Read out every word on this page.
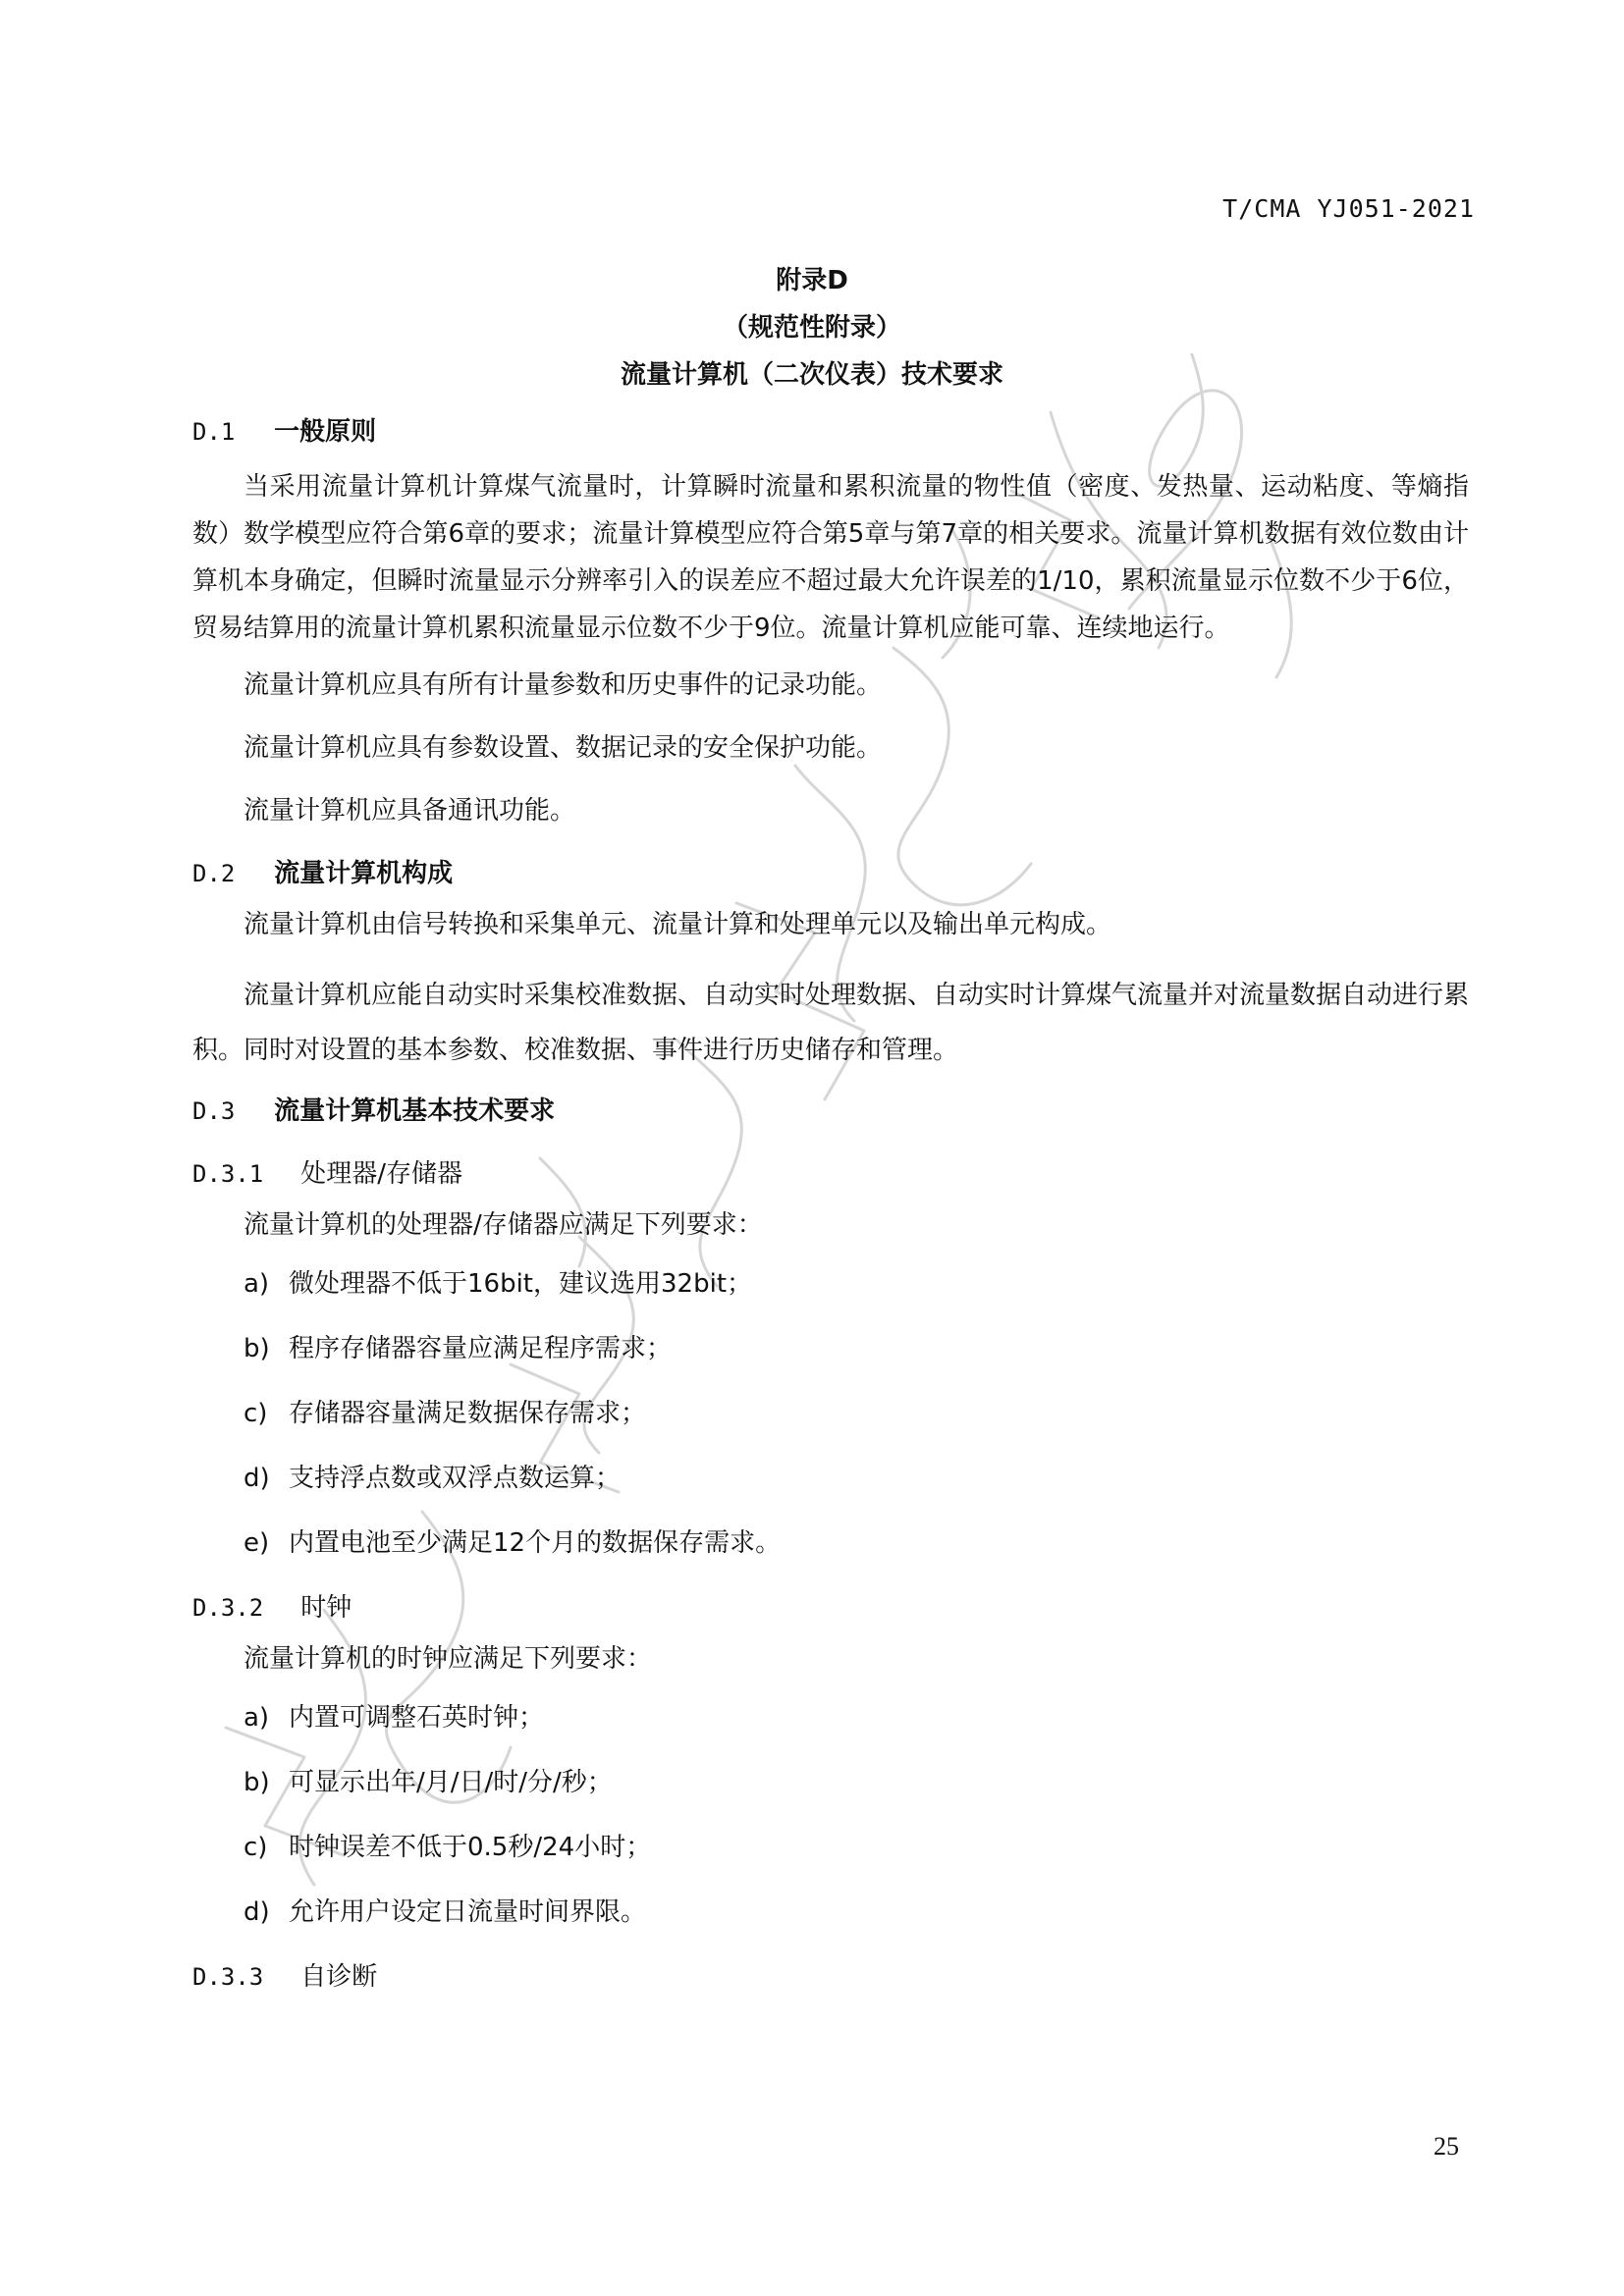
T/CMA YJ051-2021
附录D
（规范性附录）
流量计算机（二次仪表）技术要求
D.1 一般原则

当采用流量计算机计算煤气流量时，计算瞬时流量和累积流量的物性值（密度、发热量、运动粘度、等熵指数）数学模型应符合第6章的要求；流量计算模型应符合第5章与第7章的相关要求。流量计算机数据有效位数由计算机本身确定，但瞬时流量显示分辨率引入的误差应不超过最大允许误差的1/10，累积流量显示位数不少于6位，贸易结算用的流量计算机累积流量显示位数不少于9位。流量计算机应能可靠、连续地运行。

流量计算机应具有所有计量参数和历史事件的记录功能。

流量计算机应具有参数设置、数据记录的安全保护功能。

流量计算机应具备通讯功能。

D.2 流量计算机构成

流量计算机由信号转换和采集单元、流量计算和处理单元以及输出单元构成。

流量计算机应能自动实时采集校准数据、自动实时处理数据、自动实时计算煤气流量并对流量数据自动进行累积。同时对设置的基本参数、校准数据、事件进行历史储存和管理。

D.3 流量计算机基本技术要求
D.3.1 处理器/存储器

流量计算机的处理器/存储器应满足下列要求：

a) 微处理器不低于16bit，建议选用32bit；
b) 程序存储器容量应满足程序需求；
c) 存储器容量满足数据保存需求；
d) 支持浮点数或双浮点数运算；
e) 内置电池至少满足12个月的数据保存需求。
D.3.2 时钟

流量计算机的时钟应满足下列要求：

a) 内置可调整石英时钟；
b) 可显示出年/月/日/时/分/秒；
c) 时钟误差不低于0.5秒/24小时；
d) 允许用户设定日流量时间界限。
D.3.3 自诊断
25
